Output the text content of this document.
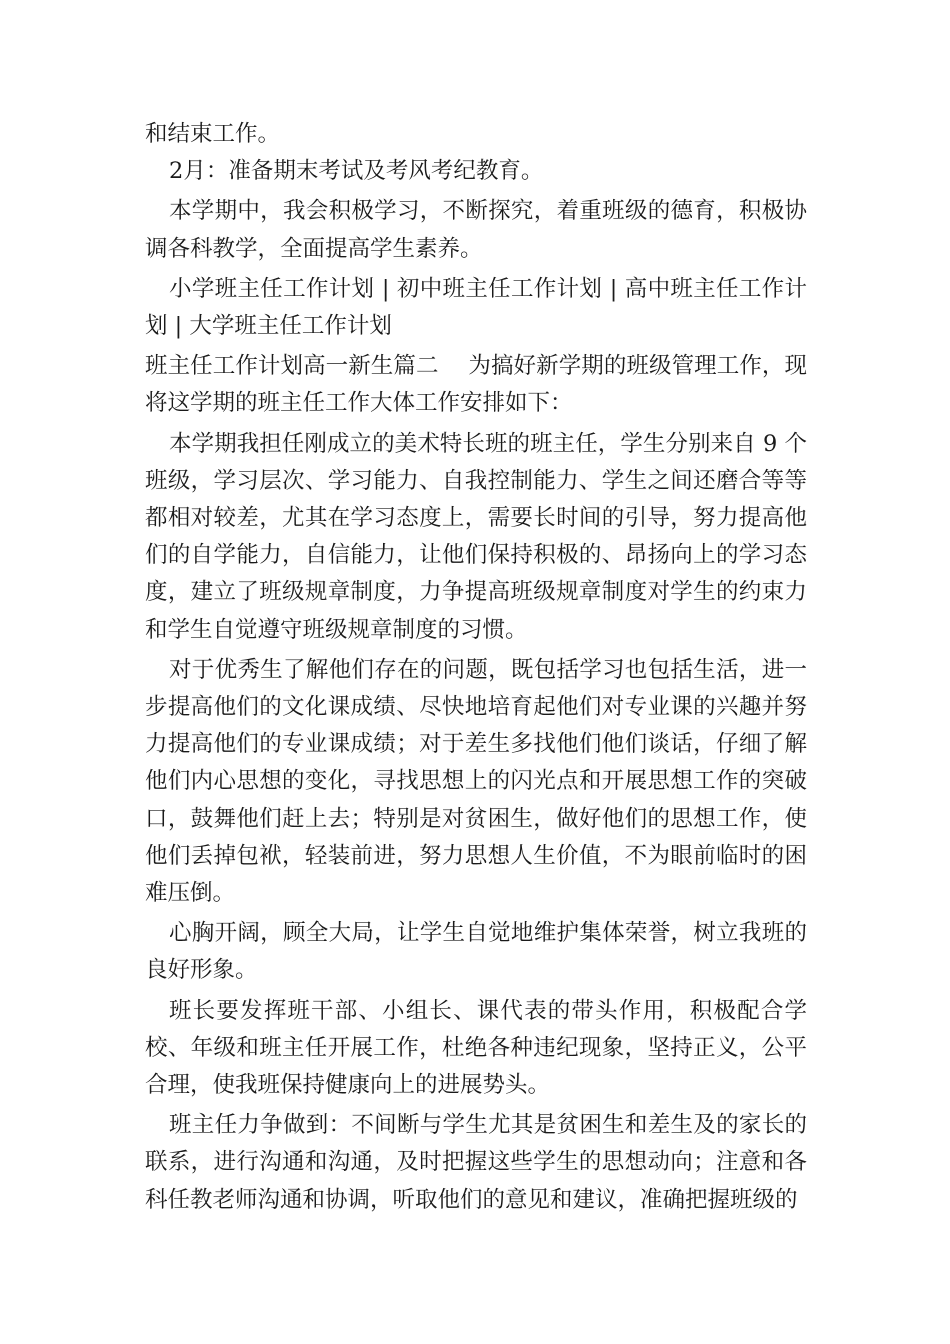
和结束工作。

2月：准备期末考试及考风考纪教育。

本学期中，我会积极学习，不断探究，着重班级的德育，积极协调各科教学，全面提高学生素养。

小学班主任工作计划 | 初中班主任工作计划 | 高中班主任工作计划 | 大学班主任工作计划

班主任工作计划高一新生篇二　 为搞好新学期的班级管理工作，现将这学期的班主任工作大体工作安排如下：

本学期我担任刚成立的美术特长班的班主任，学生分别来自 9 个班级，学习层次、学习能力、自我控制能力、学生之间还磨合等等都相对较差，尤其在学习态度上，需要长时间的引导，努力提高他们的自学能力，自信能力，让他们保持积极的、昂扬向上的学习态度，建立了班级规章制度，力争提高班级规章制度对学生的约束力和学生自觉遵守班级规章制度的习惯。

对于优秀生了解他们存在的问题，既包括学习也包括生活，进一步提高他们的文化课成绩、尽快地培育起他们对专业课的兴趣并努力提高他们的专业课成绩；对于差生多找他们他们谈话，仔细了解他们内心思想的变化，寻找思想上的闪光点和开展思想工作的突破口，鼓舞他们赶上去；特别是对贫困生，做好他们的思想工作，使他们丢掉包袱，轻装前进，努力思想人生价值，不为眼前临时的困难压倒。

心胸开阔，顾全大局，让学生自觉地维护集体荣誉，树立我班的良好形象。

班长要发挥班干部、小组长、课代表的带头作用，积极配合学校、年级和班主任开展工作，杜绝各种违纪现象，坚持正义，公平合理，使我班保持健康向上的进展势头。

班主任力争做到：不间断与学生尤其是贫困生和差生及的家长的联系，进行沟通和沟通，及时把握这些学生的思想动向；注意和各科任教老师沟通和协调，听取他们的意见和建议，准确把握班级的
